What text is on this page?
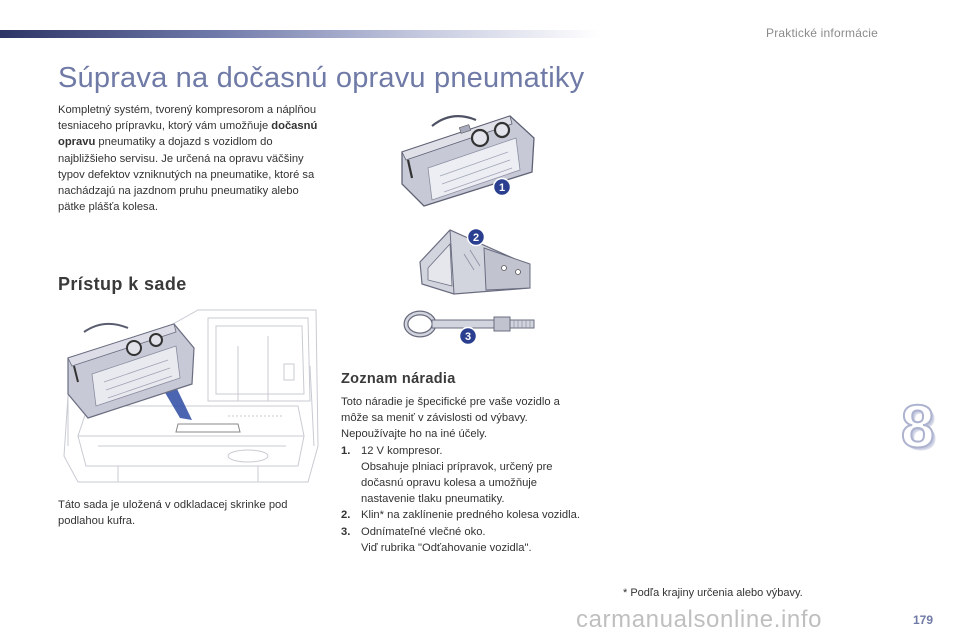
Praktické informácie
Súprava na dočasnú opravu pneumatiky

Kompletný systém, tvorený kompresorom a náplňou tesniaceho prípravku, ktorý vám umožňuje dočasnú opravu pneumatiky a dojazd s vozidlom do najbližšieho servisu. Je určená na opravu väčšiny typov defektov vzniknutých na pneumatike, ktoré sa nachádzajú na jazdnom pruhu pneumatiky alebo pätke plášťa kolesa.

Prístup k sade
1
2
3

Táto sada je uložená v odkladacej skrinke pod podlahou kufra.

Zoznam náradia

Toto náradie je špecifické pre vaše vozidlo a môže sa meniť v závislosti od výbavy. Nepoužívajte ho na iné účely.

1. 12 V kompresor.
Obsahuje plniaci prípravok, určený pre dočasnú opravu kolesa a umožňuje nastavenie tlaku pneumatiky.
2. Klin* na zaklínenie predného kolesa vozidla.
3. Odnímateľné vlečné oko.
Viď rubrika "Odťahovanie vozidla".

* Podľa krajiny určenia alebo výbavy.

8
179
carmanualsonline.info
